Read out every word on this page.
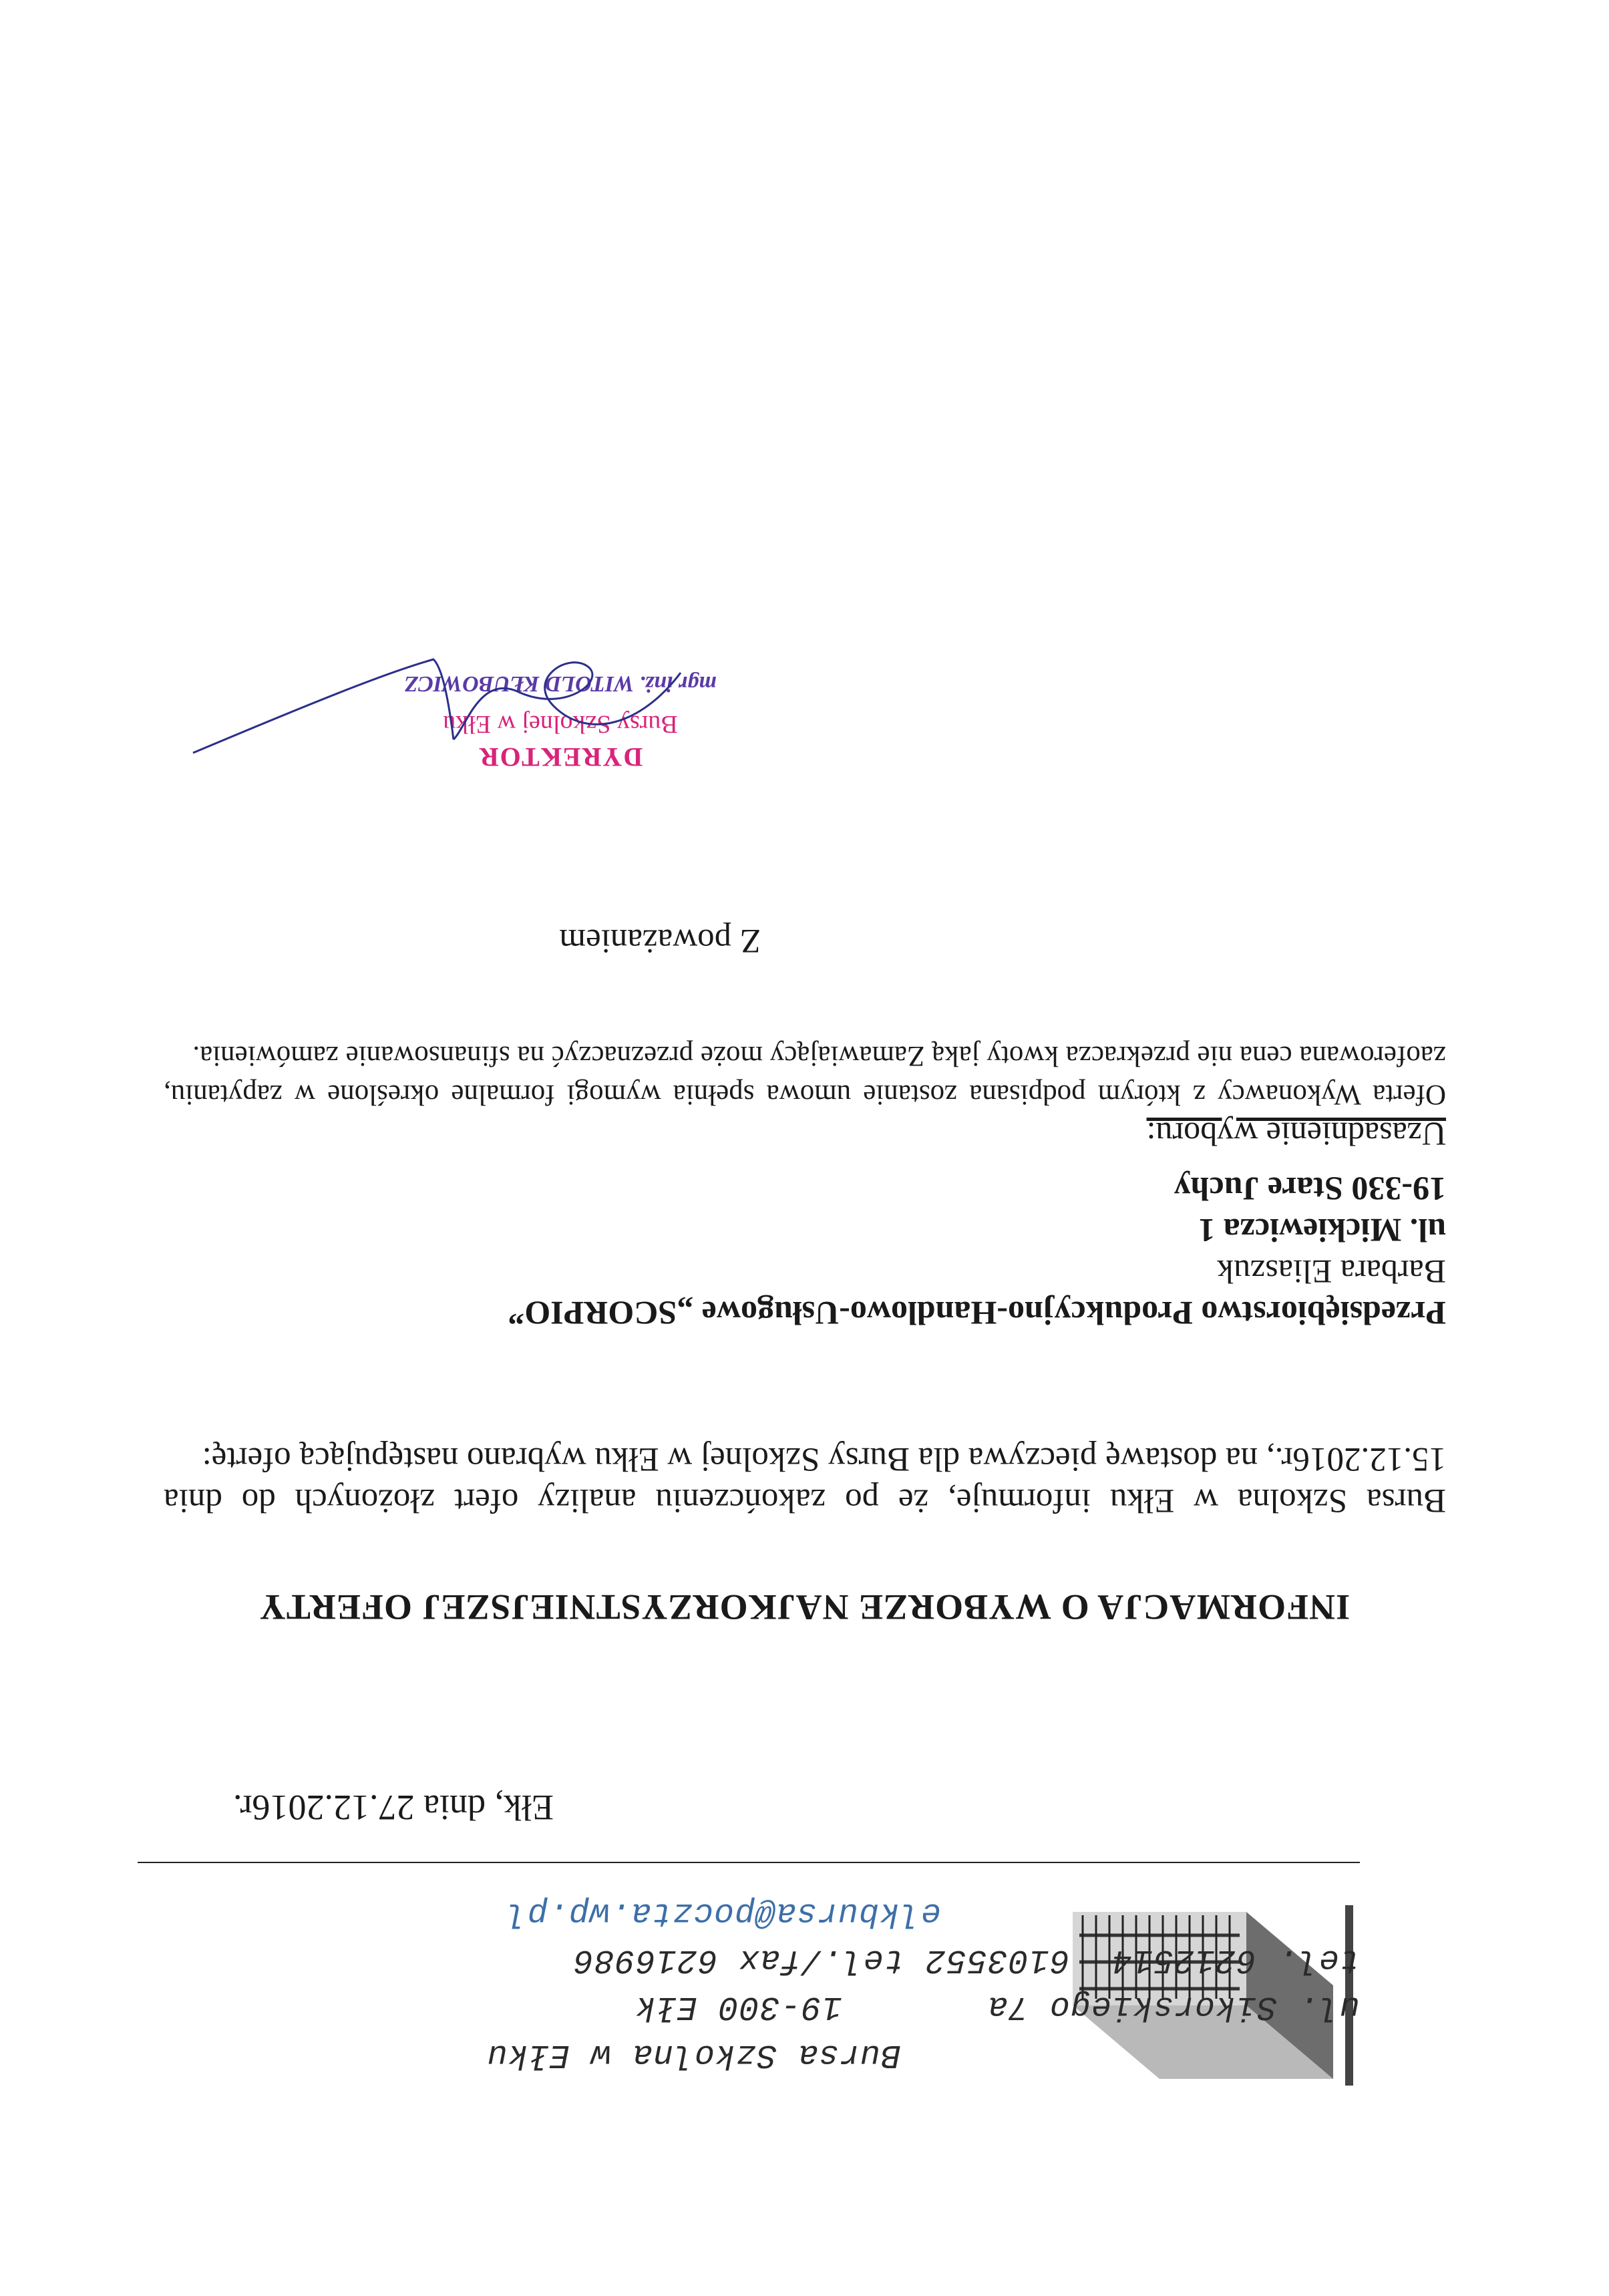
Bursa Szkolna w Ełku
ul. Sikorskiego 7a       19-300 Ełk
tel. 6212514  6103552 tel./fax 6216986
elkbursa@poczta.wp.pl
Ełk, dnia 27.12.2016r.
INFORMACJA O WYBORZE NAJKORZYSTNIEJSZEJ OFERTY
Bursa Szkolna w Ełku informuje, że po zakończeniu analizy ofert złożonych do dnia 15.12.2016r., na dostawę pieczywa dla Bursy Szkolnej w Ełku wybrano następującą ofertę:
Przedsiębiorstwo Produkcyjno-Handlowo-Usługowe „SCORPIO”
Barbara Eliaszuk
ul. Mickiewicza 1
19-330 Stare Juchy
Uzasadnienie wyboru:
Oferta Wykonawcy z którym podpisana zostanie umowa spełnia wymogi formalne określone w zapytaniu, zaoferowana cena nie przekracza kwoty jaką Zamawiający może przeznaczyć na sfinansowanie zamówienia.
Z poważaniem
DYREKTOR
Bursy Szkolnej w Ełku
mgr inż. WITOLD KŁUBOWICZ
